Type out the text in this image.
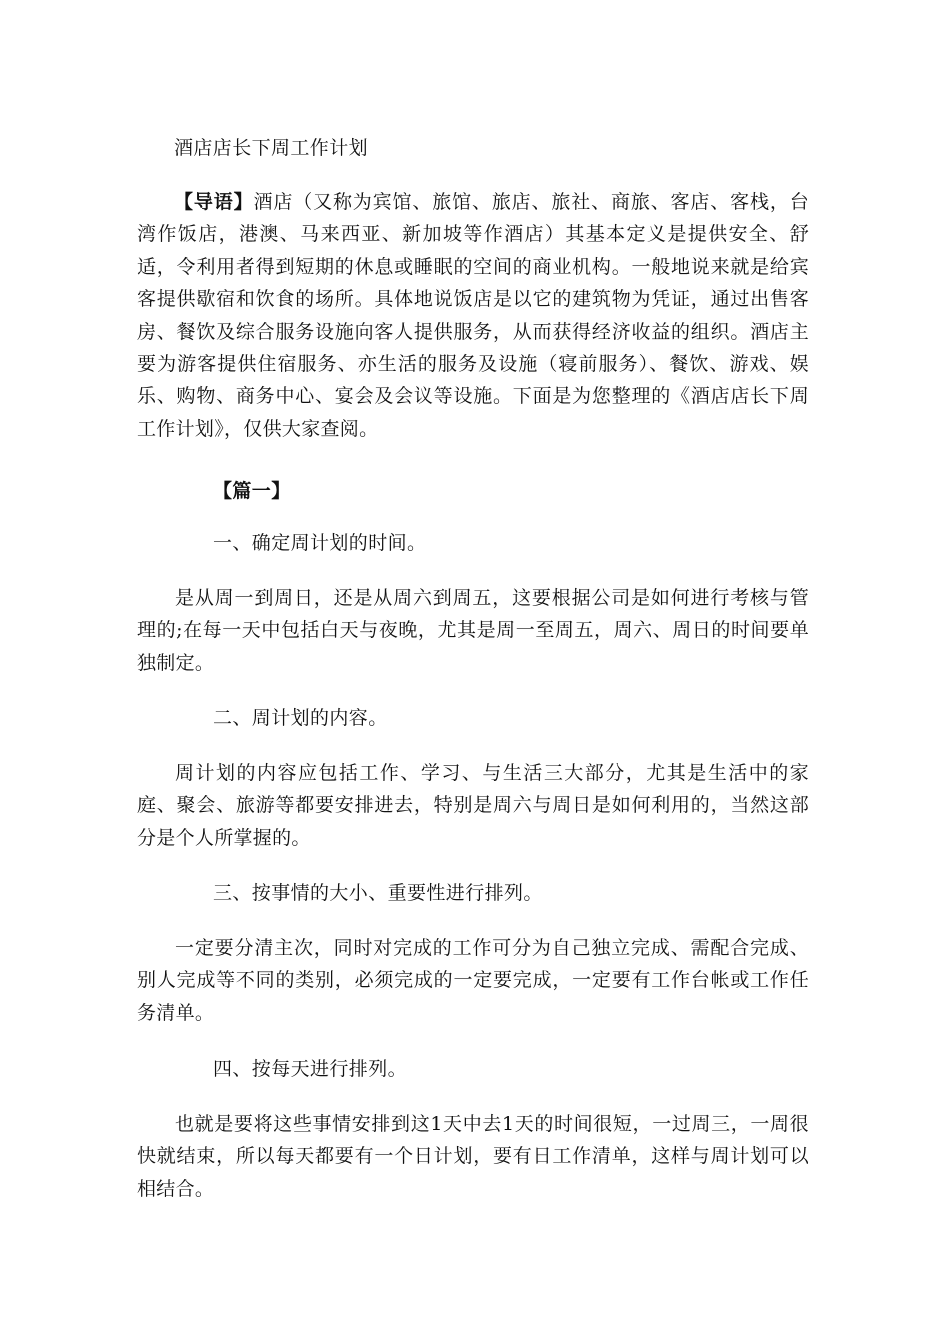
酒店店长下周工作计划
【导语】酒店（又称为宾馆、旅馆、旅店、旅社、商旅、客店、客栈，台湾作饭店，港澳、马来西亚、新加坡等作酒店）其基本定义是提供安全、舒适，令利用者得到短期的休息或睡眠的空间的商业机构。一般地说来就是给宾客提供歇宿和饮食的场所。具体地说饭店是以它的建筑物为凭证，通过出售客房、餐饮及综合服务设施向客人提供服务，从而获得经济收益的组织。酒店主要为游客提供住宿服务、亦生活的服务及设施（寝前服务）、餐饮、游戏、娱乐、购物、商务中心、宴会及会议等设施。下面是为您整理的《酒店店长下周工作计划》，仅供大家查阅。
【篇一】
一、确定周计划的时间。
是从周一到周日，还是从周六到周五，这要根据公司是如何进行考核与管理的;在每一天中包括白天与夜晚，尤其是周一至周五，周六、周日的时间要单独制定。
二、周计划的内容。
周计划的内容应包括工作、学习、与生活三大部分，尤其是生活中的家庭、聚会、旅游等都要安排进去，特别是周六与周日是如何利用的，当然这部分是个人所掌握的。
三、按事情的大小、重要性进行排列。
一定要分清主次，同时对完成的工作可分为自己独立完成、需配合完成、别人完成等不同的类别，必须完成的一定要完成，一定要有工作台帐或工作任务清单。
四、按每天进行排列。
也就是要将这些事情安排到这1天中去1天的时间很短，一过周三，一周很快就结束，所以每天都要有一个日计划，要有日工作清单，这样与周计划可以相结合。
